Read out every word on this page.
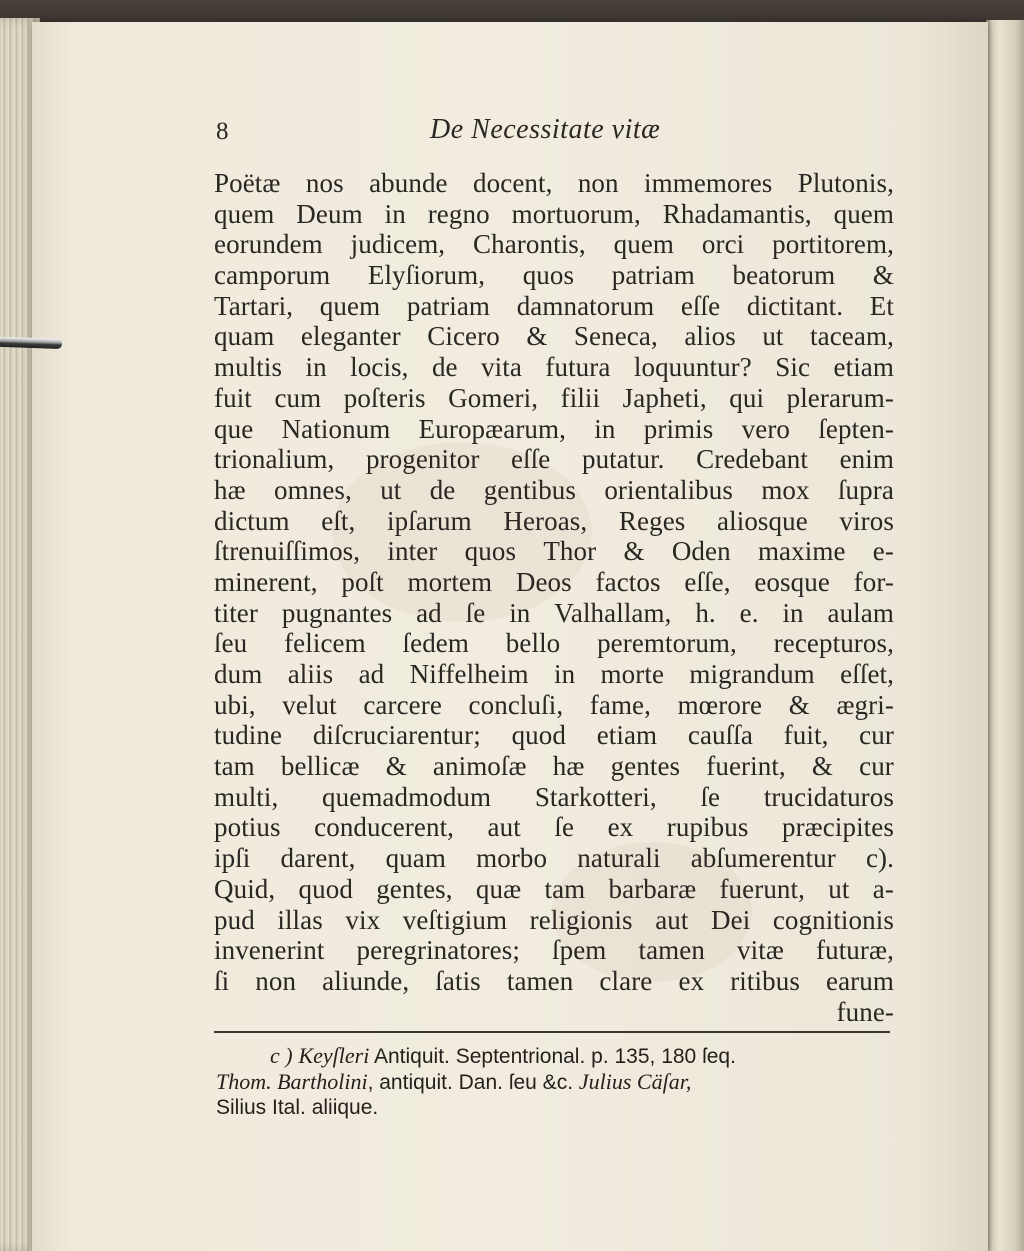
8	De Necessitate vitæ
Poëtæ nos abunde docent, non immemores Plutonis,
quem Deum in regno mortuorum, Rhadamantis, quem
eorundem judicem, Charontis, quem orci portitorem,
camporum Elyſiorum, quos patriam beatorum &
Tartari, quem patriam damnatorum eſſe dictitant. Et
quam eleganter Cicero & Seneca, alios ut taceam,
multis in locis, de vita futura loquuntur? Sic etiam
fuit cum poſteris Gomeri, filii Japheti, qui plerarum-
que Nationum Europæarum, in primis vero ſepten-
trionalium, progenitor eſſe putatur. Credebant enim
hæ omnes, ut de gentibus orientalibus mox ſupra
dictum eſt, ipſarum Heroas, Reges aliosque viros
ſtrenuiſſimos, inter quos Thor & Oden maxime e-
minerent, poſt mortem Deos factos eſſe, eosque for-
titer pugnantes ad ſe in Valhallam, h. e. in aulam
ſeu felicem ſedem bello peremtorum, recepturos,
dum aliis ad Niffelheim in morte migrandum eſſet,
ubi, velut carcere concluſi, fame, mœrore & ægri-
tudine diſcruciarentur; quod etiam cauſſa fuit, cur
tam bellicæ & animoſæ hæ gentes fuerint, & cur
multi, quemadmodum Starkotteri, ſe trucidaturos
potius conducerent, aut ſe ex rupibus præcipites
ipſi darent, quam morbo naturali abſumerentur c).
Quid, quod gentes, quæ tam barbaræ fuerunt, ut a-
pud illas vix veſtigium religionis aut Dei cognitionis
invenerint peregrinatores; ſpem tamen vitæ futuræ,
ſi non aliunde, ſatis tamen clare ex ritibus earum
fune-
c ) Keyſleri Antiquit. Septentrional. p. 135, 180 ſeq.
Thom. Bartholini, antiquit. Dan. ſeu &c. Julius Cäſar,
Silius Ital. aliique.
